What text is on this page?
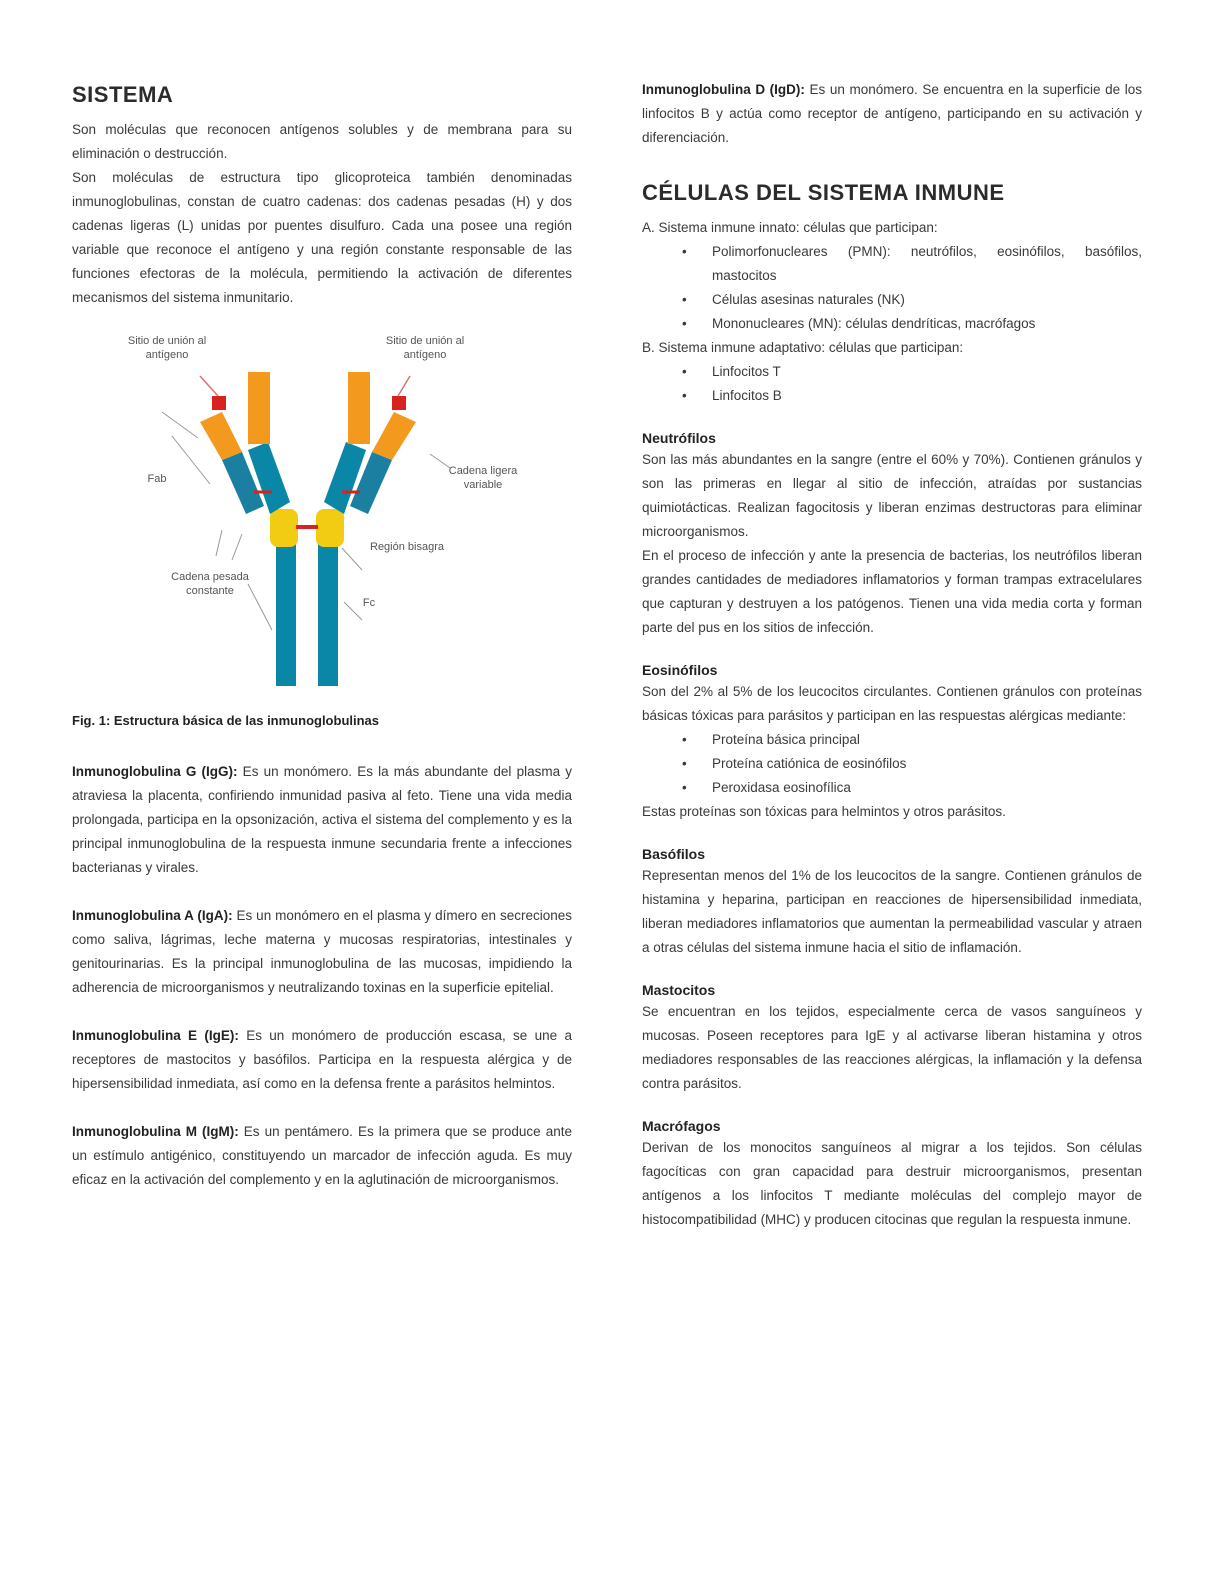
SISTEMA

Son moléculas que reconocen antígenos solubles y de membrana para su eliminación o destrucción.

Son moléculas de estructura tipo glicoproteica también denominadas inmunoglobulinas, constan de cuatro cadenas: dos cadenas pesadas (H) y dos cadenas ligeras (L) unidas por puentes disulfuro. Cada una posee una región variable que reconoce el antígeno y una región constante responsable de las funciones efectoras de la molécula, permitiendo la activación de diferentes mecanismos del sistema inmunitario.

Sitio de unión al antígeno
Sitio de unión al antígeno
Fab
Cadena ligera variable
Cadena pesada constante
Región bisagra
Fc
Fig. 1: Estructura básica de las inmunoglobulinas

Inmunoglobulina G (IgG): Es un monómero. Es la más abundante del plasma y atraviesa la placenta, confiriendo inmunidad pasiva al feto. Tiene una vida media prolongada, participa en la opsonización, activa el sistema del complemento y es la principal inmunoglobulina de la respuesta inmune secundaria frente a infecciones bacterianas y virales.

Inmunoglobulina A (IgA): Es un monómero en el plasma y dímero en secreciones como saliva, lágrimas, leche materna y mucosas respiratorias, intestinales y genitourinarias. Es la principal inmunoglobulina de las mucosas, impidiendo la adherencia de microorganismos y neutralizando toxinas en la superficie epitelial.

Inmunoglobulina E (IgE): Es un monómero de producción escasa, se une a receptores de mastocitos y basófilos. Participa en la respuesta alérgica y de hipersensibilidad inmediata, así como en la defensa frente a parásitos helmintos.

Inmunoglobulina M (IgM): Es un pentámero. Es la primera que se produce ante un estímulo antigénico, constituyendo un marcador de infección aguda. Es muy eficaz en la activación del complemento y en la aglutinación de microorganismos.

Inmunoglobulina D (IgD): Es un monómero. Se encuentra en la superficie de los linfocitos B y actúa como receptor de antígeno, participando en su activación y diferenciación.

CÉLULAS DEL SISTEMA INMUNE

A. Sistema inmune innato: células que participan:

• Polimorfonucleares (PMN): neutrófilos, eosinófilos, basófilos, mastocitos
• Células asesinas naturales (NK)
• Mononucleares (MN): células dendríticas, macrófagos

B. Sistema inmune adaptativo: células que participan:

• Linfocitos T
• Linfocitos B
Neutrófilos

Son las más abundantes en la sangre (entre el 60% y 70%). Contienen gránulos y son las primeras en llegar al sitio de infección, atraídas por sustancias quimiotácticas. Realizan fagocitosis y liberan enzimas destructoras para eliminar microorganismos.

En el proceso de infección y ante la presencia de bacterias, los neutrófilos liberan grandes cantidades de mediadores inflamatorios y forman trampas extracelulares que capturan y destruyen a los patógenos. Tienen una vida media corta y forman parte del pus en los sitios de infección.

Eosinófilos

Son del 2% al 5% de los leucocitos circulantes. Contienen gránulos con proteínas básicas tóxicas para parásitos y participan en las respuestas alérgicas mediante:

• Proteína básica principal
• Proteína catiónica de eosinófilos
• Peroxidasa eosinofílica

Estas proteínas son tóxicas para helmintos y otros parásitos.

Basófilos

Representan menos del 1% de los leucocitos de la sangre. Contienen gránulos de histamina y heparina, participan en reacciones de hipersensibilidad inmediata, liberan mediadores inflamatorios que aumentan la permeabilidad vascular y atraen a otras células del sistema inmune hacia el sitio de inflamación.

Mastocitos

Se encuentran en los tejidos, especialmente cerca de vasos sanguíneos y mucosas. Poseen receptores para IgE y al activarse liberan histamina y otros mediadores responsables de las reacciones alérgicas, la inflamación y la defensa contra parásitos.

Macrófagos

Derivan de los monocitos sanguíneos al migrar a los tejidos. Son células fagocíticas con gran capacidad para destruir microorganismos, presentan antígenos a los linfocitos T mediante moléculas del complejo mayor de histocompatibilidad (MHC) y producen citocinas que regulan la respuesta inmune.
